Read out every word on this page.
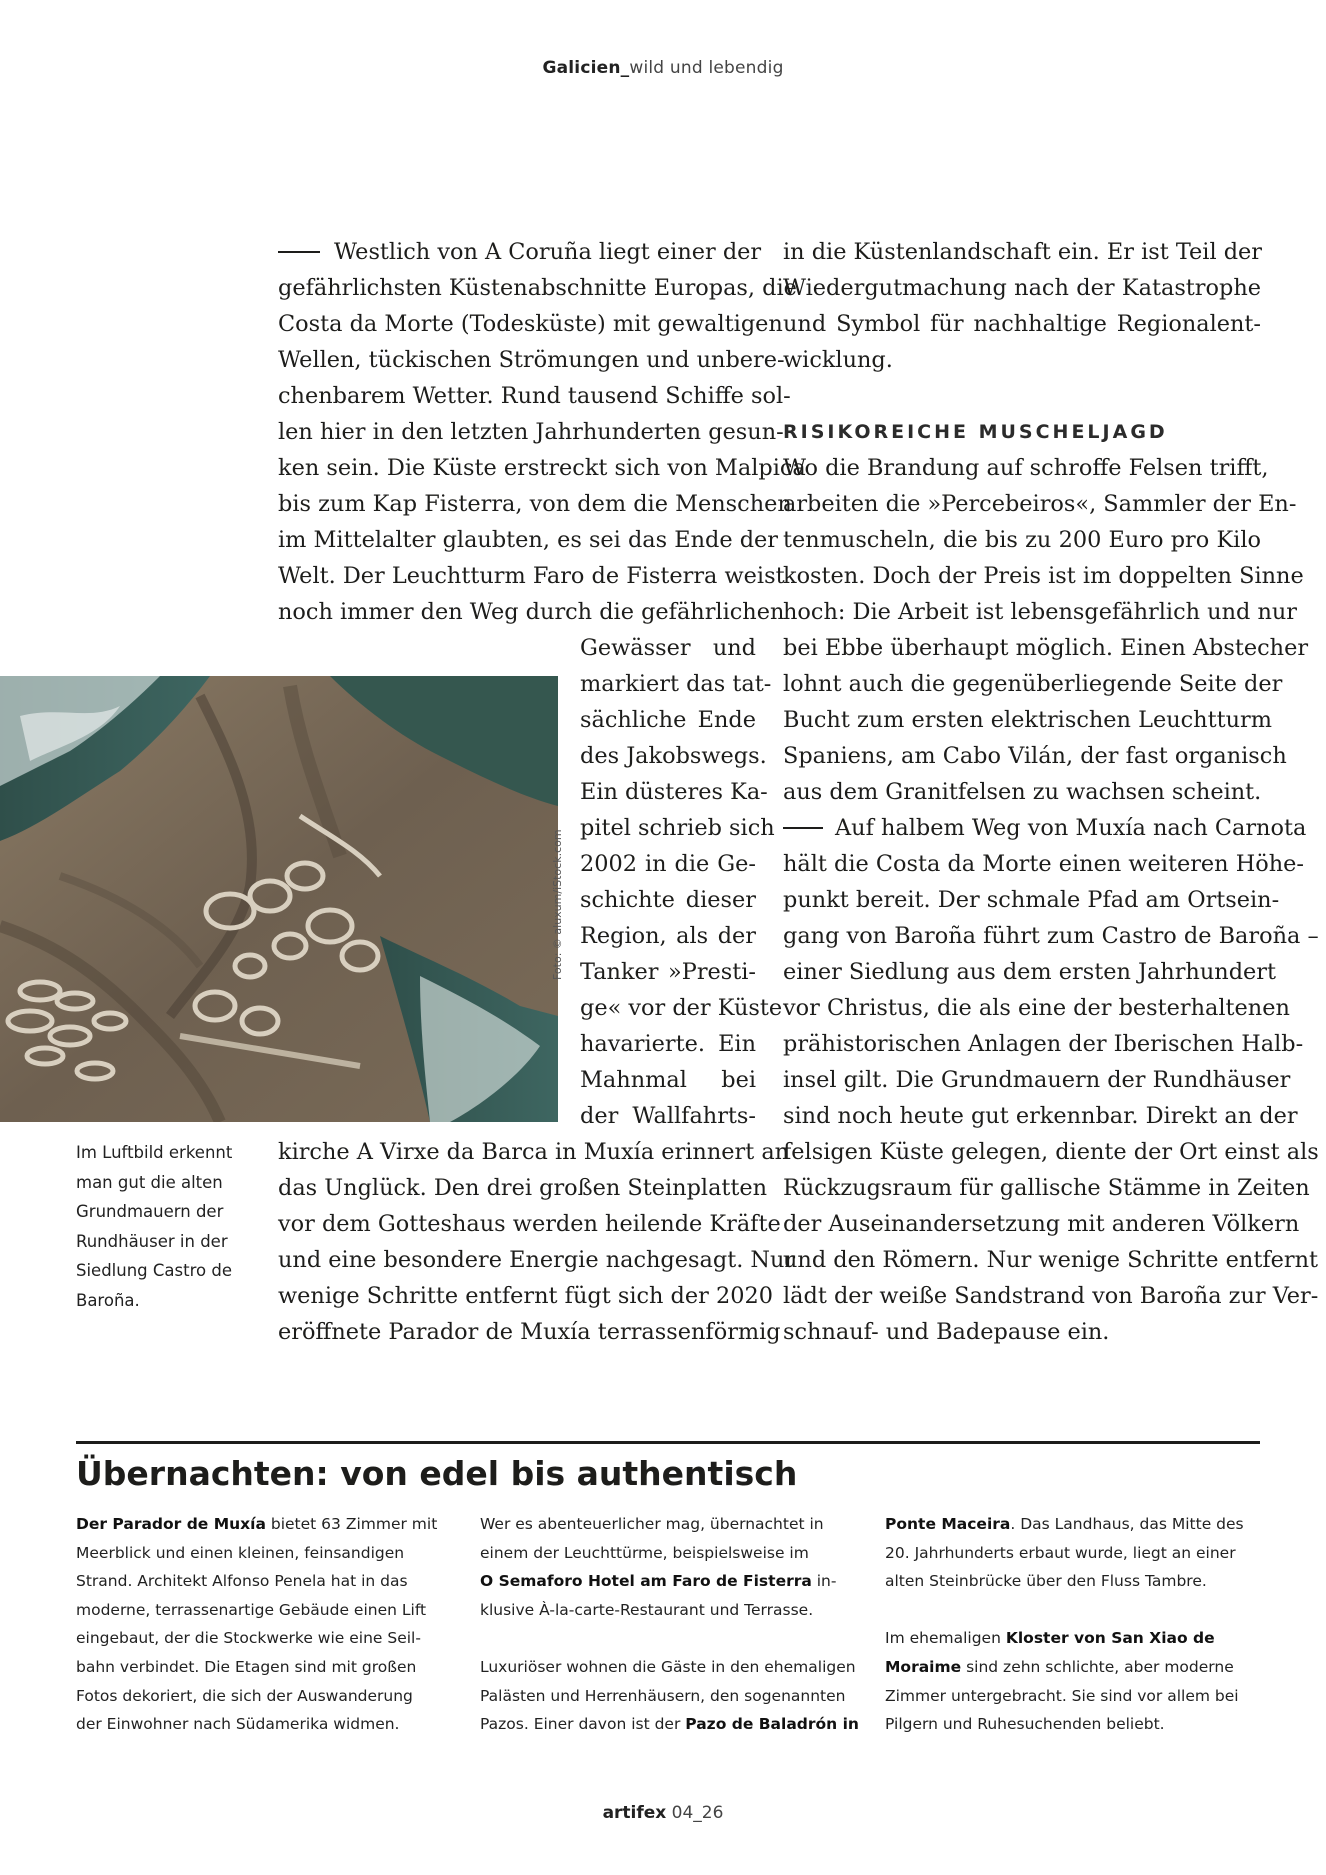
Galicien_wild und lebendig
Westlich von A Coruña liegt einer der
gefährlichsten Küstenabschnitte Europas, die
Costa da Morte (Todesküste) mit gewaltigen
Wellen, tückischen Strömungen und unbere-
chenbarem Wetter. Rund tausend Schiffe sol-
len hier in den letzten Jahrhunderten gesun-
ken sein. Die Küste erstreckt sich von Malpica
bis zum Kap Fisterra, von dem die Menschen
im Mittelalter glaubten, es sei das Ende der
Welt. Der Leuchtturm Faro de Fisterra weist
noch immer den Weg durch die gefährlichen
Gewässer und
markiert das tat-
sächliche Ende
des Jakobswegs.
Ein düsteres Ka-
pitel schrieb sich
2002 in die Ge-
schichte dieser
Region, als der
Tanker »Presti-
ge« vor der Küste
havarierte. Ein
Mahnmal bei
der Wallfahrts-
kirche A Virxe da Barca in Muxía erinnert an
das Unglück. Den drei großen Steinplatten
vor dem Gotteshaus werden heilende Kräfte
und eine besondere Energie nachgesagt. Nur
wenige Schritte entfernt fügt sich der 2020
eröffnete Parador de Muxía terrassenförmig
in die Küstenlandschaft ein. Er ist Teil der
Wiedergutmachung nach der Katastrophe
und Symbol für nachhaltige Regionalent-
wicklung.
RISIKOREICHE MUSCHELJAGD
Wo die Brandung auf schroffe Felsen trifft,
arbeiten die »Percebeiros«, Sammler der En-
tenmuscheln, die bis zu 200 Euro pro Kilo
kosten. Doch der Preis ist im doppelten Sinne
hoch: Die Arbeit ist lebensgefährlich und nur
bei Ebbe überhaupt möglich. Einen Abstecher
lohnt auch die gegenüberliegende Seite der
Bucht zum ersten elektrischen Leuchtturm
Spaniens, am Cabo Vilán, der fast organisch
aus dem Granitfelsen zu wachsen scheint.
Auf halbem Weg von Muxía nach Carnota
hält die Costa da Morte einen weiteren Höhe-
punkt bereit. Der schmale Pfad am Ortsein-
gang von Baroña führt zum Castro de Baroña –
einer Siedlung aus dem ersten Jahrhundert
vor Christus, die als eine der besterhaltenen
prähistorischen Anlagen der Iberischen Halb-
insel gilt. Die Grundmauern der Rundhäuser
sind noch heute gut erkennbar. Direkt an der
felsigen Küste gelegen, diente der Ort einst als
Rückzugsraum für gallische Stämme in Zeiten
der Auseinandersetzung mit anderen Völkern
und den Römern. Nur wenige Schritte entfernt
lädt der weiße Sandstrand von Baroña zur Ver-
schnauf- und Badepause ein.
Foto: © aluxum/iStock.com
Im Luftbild erkennt
man gut die alten
Grundmauern der
Rundhäuser in der
Siedlung Castro de
Baroña.
Übernachten: von edel bis authentisch
Der Parador de Muxía bietet 63 Zimmer mit
Meerblick und einen kleinen, feinsandigen
Strand. Architekt Alfonso Penela hat in das
moderne, terrassenartige Gebäude einen Lift
eingebaut, der die Stockwerke wie eine Seil-
bahn verbindet. Die Etagen sind mit großen
Fotos dekoriert, die sich der Auswanderung
der Einwohner nach Südamerika widmen.
Wer es abenteuerlicher mag, übernachtet in
einem der Leuchttürme, beispielsweise im
O Semaforo Hotel am Faro de Fisterra in-
klusive À-la-carte-Restaurant und Terrasse.

Luxuriöser wohnen die Gäste in den ehemaligen
Palästen und Herrenhäusern, den sogenannten
Pazos. Einer davon ist der Pazo de Baladrón in
Ponte Maceira. Das Landhaus, das Mitte des
20. Jahrhunderts erbaut wurde, liegt an einer
alten Steinbrücke über den Fluss Tambre.

Im ehemaligen Kloster von San Xiao de
Moraime sind zehn schlichte, aber moderne
Zimmer untergebracht. Sie sind vor allem bei
Pilgern und Ruhesuchenden beliebt.
artifex 04_26
